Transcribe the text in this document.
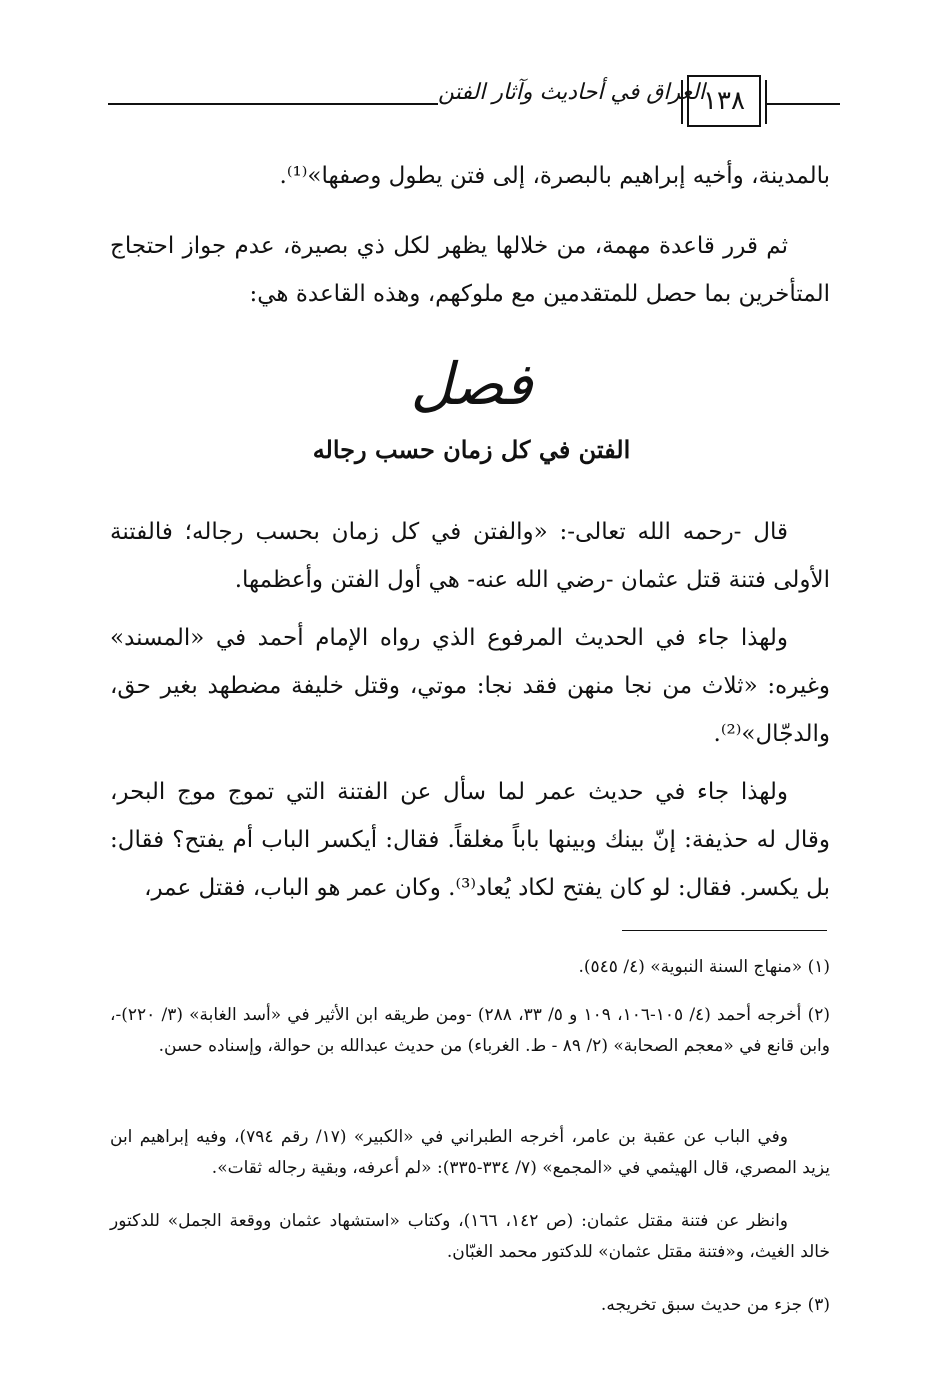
العراق في أحاديث وآثار الفتن
١٣٨
بالمدينة، وأخيه إبراهيم بالبصرة، إلى فتن يطول وصفها»⁽¹⁾.
ثم قرر قاعدة مهمة، من خلالها يظهر لكل ذي بصيرة، عدم جواز احتجاج المتأخرين بما حصل للمتقدمين مع ملوكهم، وهذه القاعدة هي:
فصل
الفتن في كل زمان حسب رجاله
قال -رحمه الله تعالى-: «والفتن في كل زمان بحسب رجاله؛ فالفتنة الأولى فتنة قتل عثمان -رضي الله عنه- هي أول الفتن وأعظمها.
ولهذا جاء في الحديث المرفوع الذي رواه الإمام أحمد في «المسند» وغيره: «ثلاث من نجا منهن فقد نجا: موتي، وقتل خليفة مضطهد بغير حق، والدجّال»⁽²⁾.
ولهذا جاء في حديث عمر لما سأل عن الفتنة التي تموج موج البحر، وقال له حذيفة: إنّ بينك وبينها باباً مغلقاً. فقال: أيكسر الباب أم يفتح؟ فقال: بل يكسر. فقال: لو كان يفتح لكاد يُعاد⁽³⁾. وكان عمر هو الباب، فقتل عمر،
(١) «منهاج السنة النبوية» (٤/ ٥٤٥).
(٢) أخرجه أحمد (٤/ ١٠٥-١٠٦، ١٠٩ و ٥/ ٣٣، ٢٨٨) -ومن طريقه ابن الأثير في «أسد الغابة» (٣/ ٢٢٠)-، وابن قانع في «معجم الصحابة» (٢/ ٨٩ - ط. الغرباء) من حديث عبدالله بن حوالة، وإسناده حسن.
وفي الباب عن عقبة بن عامر، أخرجه الطبراني في «الكبير» (١٧/ رقم ٧٩٤)، وفيه إبراهيم ابن يزيد المصري، قال الهيثمي في «المجمع» (٧/ ٣٣٤-٣٣٥): «لم أعرفه، وبقية رجاله ثقات».
وانظر عن فتنة مقتل عثمان: (ص ١٤٢، ١٦٦)، وكتاب «استشهاد عثمان ووقعة الجمل» للدكتور خالد الغيث، و«فتنة مقتل عثمان» للدكتور محمد الغبّان.
(٣) جزء من حديث سبق تخريجه.
